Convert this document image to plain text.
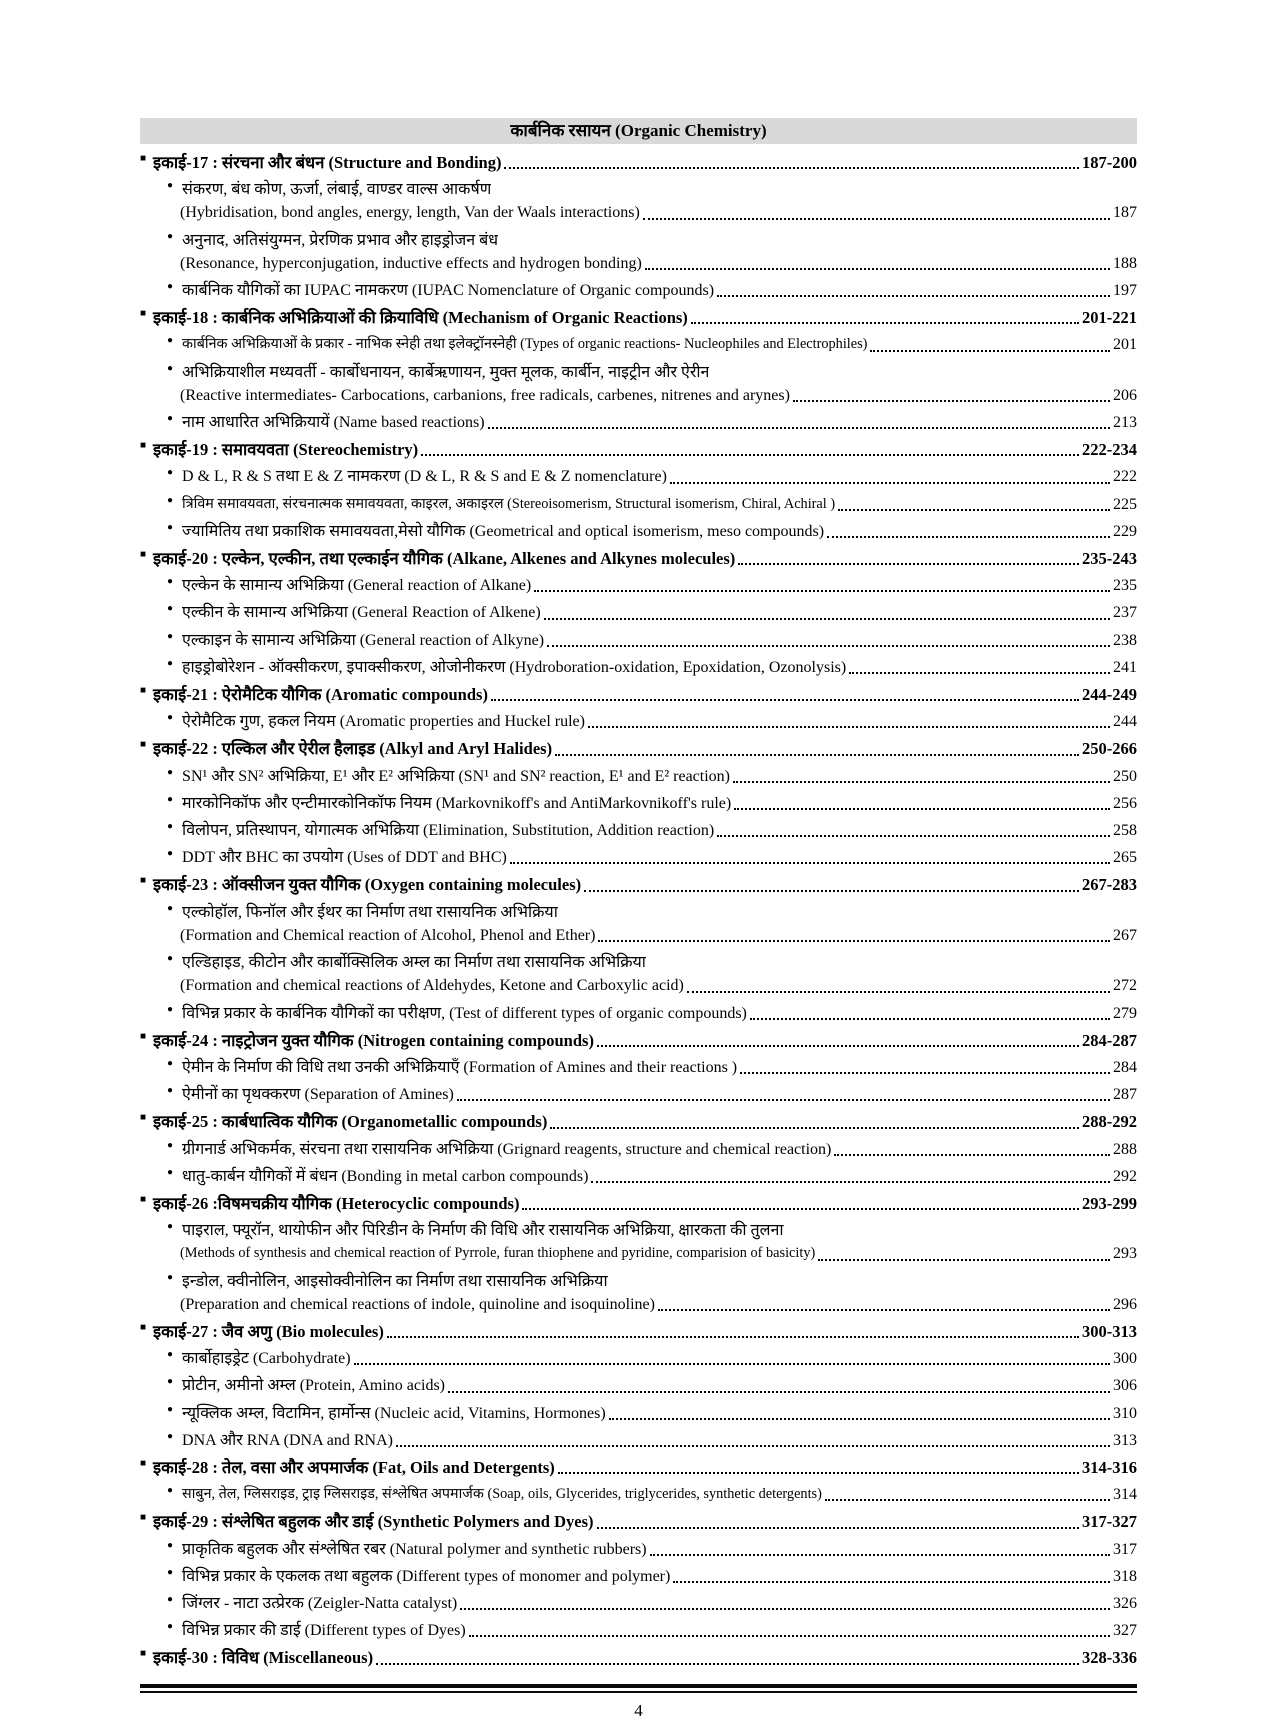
कार्बनिक रसायन (Organic Chemistry)
■ इकाई-17 : संरचना और बंधन (Structure and Bonding)	187-200
● संकरण, बंध कोण, ऊर्जा, लंबाई, वाण्डर वाल्स आकर्षण
(Hybridisation, bond angles, energy, length, Van der Waals interactions)	187
● अनुनाद, अतिसंयुग्मन, प्रेरणिक प्रभाव और हाइड्रोजन बंध
(Resonance, hyperconjugation, inductive effects and hydrogen bonding)	188
● कार्बनिक यौगिकों का IUPAC नामकरण (IUPAC Nomenclature of Organic compounds)	197
■ इकाई-18 : कार्बनिक अभिक्रियाओं की क्रियाविधि (Mechanism of Organic Reactions)	201-221
● कार्बनिक अभिक्रियाओं के प्रकार - नाभिक स्नेही तथा इलेक्ट्रॉनस्नेही (Types of organic reactions- Nucleophiles and Electrophiles)	201
● अभिक्रियाशील मध्यवर्ती - कार्बोधनायन, कार्बेऋणायन, मुक्त मूलक, कार्बीन, नाइट्रीन और ऐरीन
(Reactive intermediates- Carbocations, carbanions, free radicals, carbenes, nitrenes and arynes)	206
● नाम आधारित अभिक्रियायें (Name based reactions)	213
■ इकाई-19 : समावयवता (Stereochemistry)	222-234
● D & L, R & S तथा E & Z नामकरण (D & L, R & S and E & Z nomenclature)	222
● त्रिविम समावयवता, संरचनात्मक समावयवता, काइरल, अकाइरल (Stereoisomerism, Structural isomerism, Chiral, Achiral )	225
● ज्यामितिय तथा प्रकाशिक समावयवता,मेसो यौगिक (Geometrical and optical isomerism, meso compounds)	229
■ इकाई-20 : एल्केन, एल्कीन, तथा एल्काईन यौगिक (Alkane, Alkenes and Alkynes molecules)	235-243
● एल्केन के सामान्य अभिक्रिया (General reaction of Alkane)	235
● एल्कीन के सामान्य अभिक्रिया (General Reaction of Alkene)	237
● एल्काइन के सामान्य अभिक्रिया (General reaction of Alkyne)	238
● हाइड्रोबोरेशन - ऑक्सीकरण, इपाक्सीकरण, ओजोनीकरण (Hydroboration-oxidation, Epoxidation, Ozonolysis)	241
■ इकाई-21 : ऐरोमैटिक यौगिक (Aromatic compounds)	244-249
● ऐरोमैटिक गुण, हकल नियम (Aromatic properties and Huckel rule)	244
■ इकाई-22 : एल्किल और ऐरील हैलाइड (Alkyl and Aryl Halides)	250-266
● SN¹ और SN² अभिक्रिया, E¹ और E² अभिक्रिया (SN¹ and SN² reaction, E¹ and E² reaction)	250
● मारकोनिकॉफ और एन्टीमारकोनिकॉफ नियम (Markovnikoff's and AntiMarkovnikoff's rule)	256
● विलोपन, प्रतिस्थापन, योगात्मक अभिक्रिया (Elimination, Substitution, Addition reaction)	258
● DDT और BHC का उपयोग (Uses of DDT and BHC)	265
■ इकाई-23 : ऑक्सीजन युक्त यौगिक (Oxygen containing molecules)	267-283
● एल्कोहॉल, फिनॉल और ईथर का निर्माण तथा रासायनिक अभिक्रिया
(Formation and Chemical reaction of Alcohol, Phenol and Ether)	267
● एल्डिहाइड, कीटोन और कार्बोक्सिलिक अम्ल का निर्माण तथा रासायनिक अभिक्रिया
(Formation and chemical reactions of Aldehydes, Ketone and Carboxylic acid)	272
● विभिन्न प्रकार के कार्बनिक यौगिकों का परीक्षण, (Test of different types of organic compounds)	279
■ इकाई-24 : नाइट्रोजन युक्त यौगिक (Nitrogen containing compounds)	284-287
● ऐमीन के निर्माण की विधि तथा उनकी अभिक्रियाएँ (Formation of Amines and their reactions )	284
● ऐमीनों का पृथक्करण (Separation of Amines)	287
■ इकाई-25 : कार्बधात्विक यौगिक (Organometallic compounds)	288-292
● ग्रीगनार्ड अभिकर्मक, संरचना तथा रासायनिक अभिक्रिया (Grignard reagents, structure and chemical reaction)	288
● धातु-कार्बन यौगिकों में बंधन (Bonding in metal carbon compounds)	292
■ इकाई-26 :विषमचक्रीय यौगिक (Heterocyclic compounds)	293-299
● पाइराल, फ्यूरॉन, थायोफीन और पिरिडीन के निर्माण की विधि और रासायनिक अभिक्रिया, क्षारकता की तुलना
(Methods of synthesis and chemical reaction of Pyrrole, furan thiophene and pyridine, comparision of basicity)	293
● इन्डोल, क्वीनोलिन, आइसोक्वीनोलिन का निर्माण तथा रासायनिक अभिक्रिया
(Preparation and chemical reactions of indole, quinoline and isoquinoline)	296
■ इकाई-27 : जैव अणु (Bio molecules)	300-313
● कार्बोहाइड्रेट (Carbohydrate)	300
● प्रोटीन, अमीनो अम्ल (Protein, Amino acids)	306
● न्यूक्लिक अम्ल, विटामिन, हार्मोन्स (Nucleic acid, Vitamins, Hormones)	310
● DNA और RNA (DNA and RNA)	313
■ इकाई-28 : तेल, वसा और अपमार्जक (Fat, Oils and Detergents)	314-316
● साबुन, तेल, ग्लिसराइड, ट्राइ ग्लिसराइड, संश्लेषित अपमार्जक (Soap, oils, Glycerides, triglycerides, synthetic detergents)	314
■ इकाई-29 : संश्लेषित बहुलक और डाई (Synthetic Polymers and Dyes)	317-327
● प्राकृतिक बहुलक और संश्लेषित रबर (Natural polymer and synthetic rubbers)	317
● विभिन्न प्रकार के एकलक तथा बहुलक (Different types of monomer and polymer)	318
● जिंग्लर - नाटा उत्प्रेरक (Zeigler-Natta catalyst)	326
● विभिन्न प्रकार की डाई (Different types of Dyes)	327
■ इकाई-30 : विविध (Miscellaneous)	328-336
4
